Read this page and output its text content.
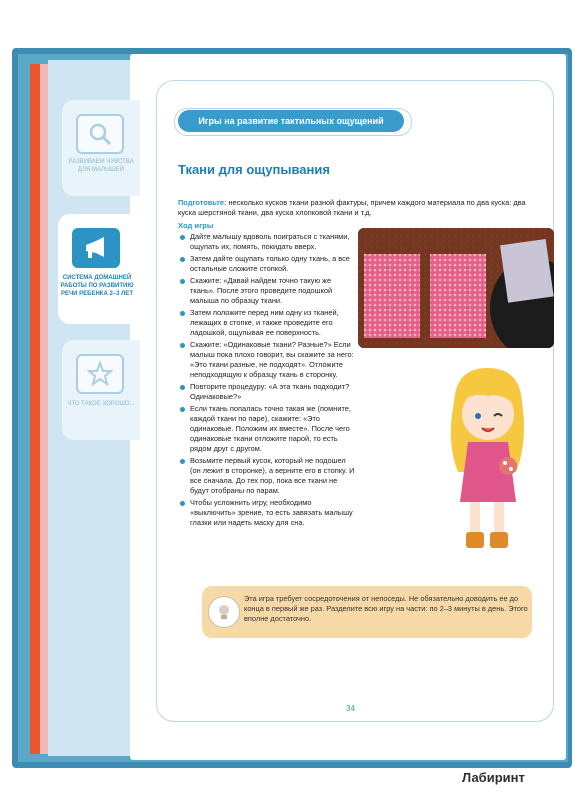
РАЗВИВАЕМ ЧУВСТВА ДЛЯ МАЛЫШЕЙ
СИСТЕМА ДОМАШНЕЙ РАБОТЫ ПО РАЗВИТИЮ РЕЧИ РЕБЕНКА 2–3 ЛЕТ
ЧТО ТАКОЕ ХОРОШО...
Игры на развитие тактильных ощущений
Ткани для ощупывания
Подготовьте: несколько кусков ткани разной фактуры, причем каждого материала по два куска: два куска шерстяной ткани, два куска хлопковой ткани и т.д.
Ход игры
Дайте малышу вдоволь поиграться с тканями, ощупать их, помять, покидать вверх.
Затем дайте ощупать только одну ткань, а все остальные сложите стопкой.
Скажите: «Давай найдем точно такую же ткань». После этого проведите подошкой малыша по образцу ткани.
Затем положите перед ним одну из тканей, лежащих в стопке, и также проведите его ладошкой, ощупывая ее поверхность.
Скажите: «Одинаковые ткани? Разные?» Если малыш пока плохо говорит, вы скажите за него: «Это ткани разные, не подходят». Отложите неподходящую к образцу ткань в сторонку.
Повторите процедуру: «А эта ткань подходит? Одинаковые?»
Если ткань попалась точно такая же (помните, каждой ткани по паре), скажите: «Это одинаковые. Положим их вместе». После чего одинаковые ткани отложите парой, то есть рядом друг с другом.
Возьмите первый кусок, который не подошел (он лежит в сторонке), а верните его в стопку. И все сначала. До тех пор, пока все ткани не будут отобраны по парам.
Чтобы усложнить игру, необходимо «выключить» зрение, то есть завязать малышу глазки или надеть маску для сна.
Эта игра требует сосредоточения от непоседы. Не обязательно доводить ее до конца в первый же раз. Разделите всю игру на части: по 2–3 минуты в день. Этого вполне достаточно.
34
Лабиринт
